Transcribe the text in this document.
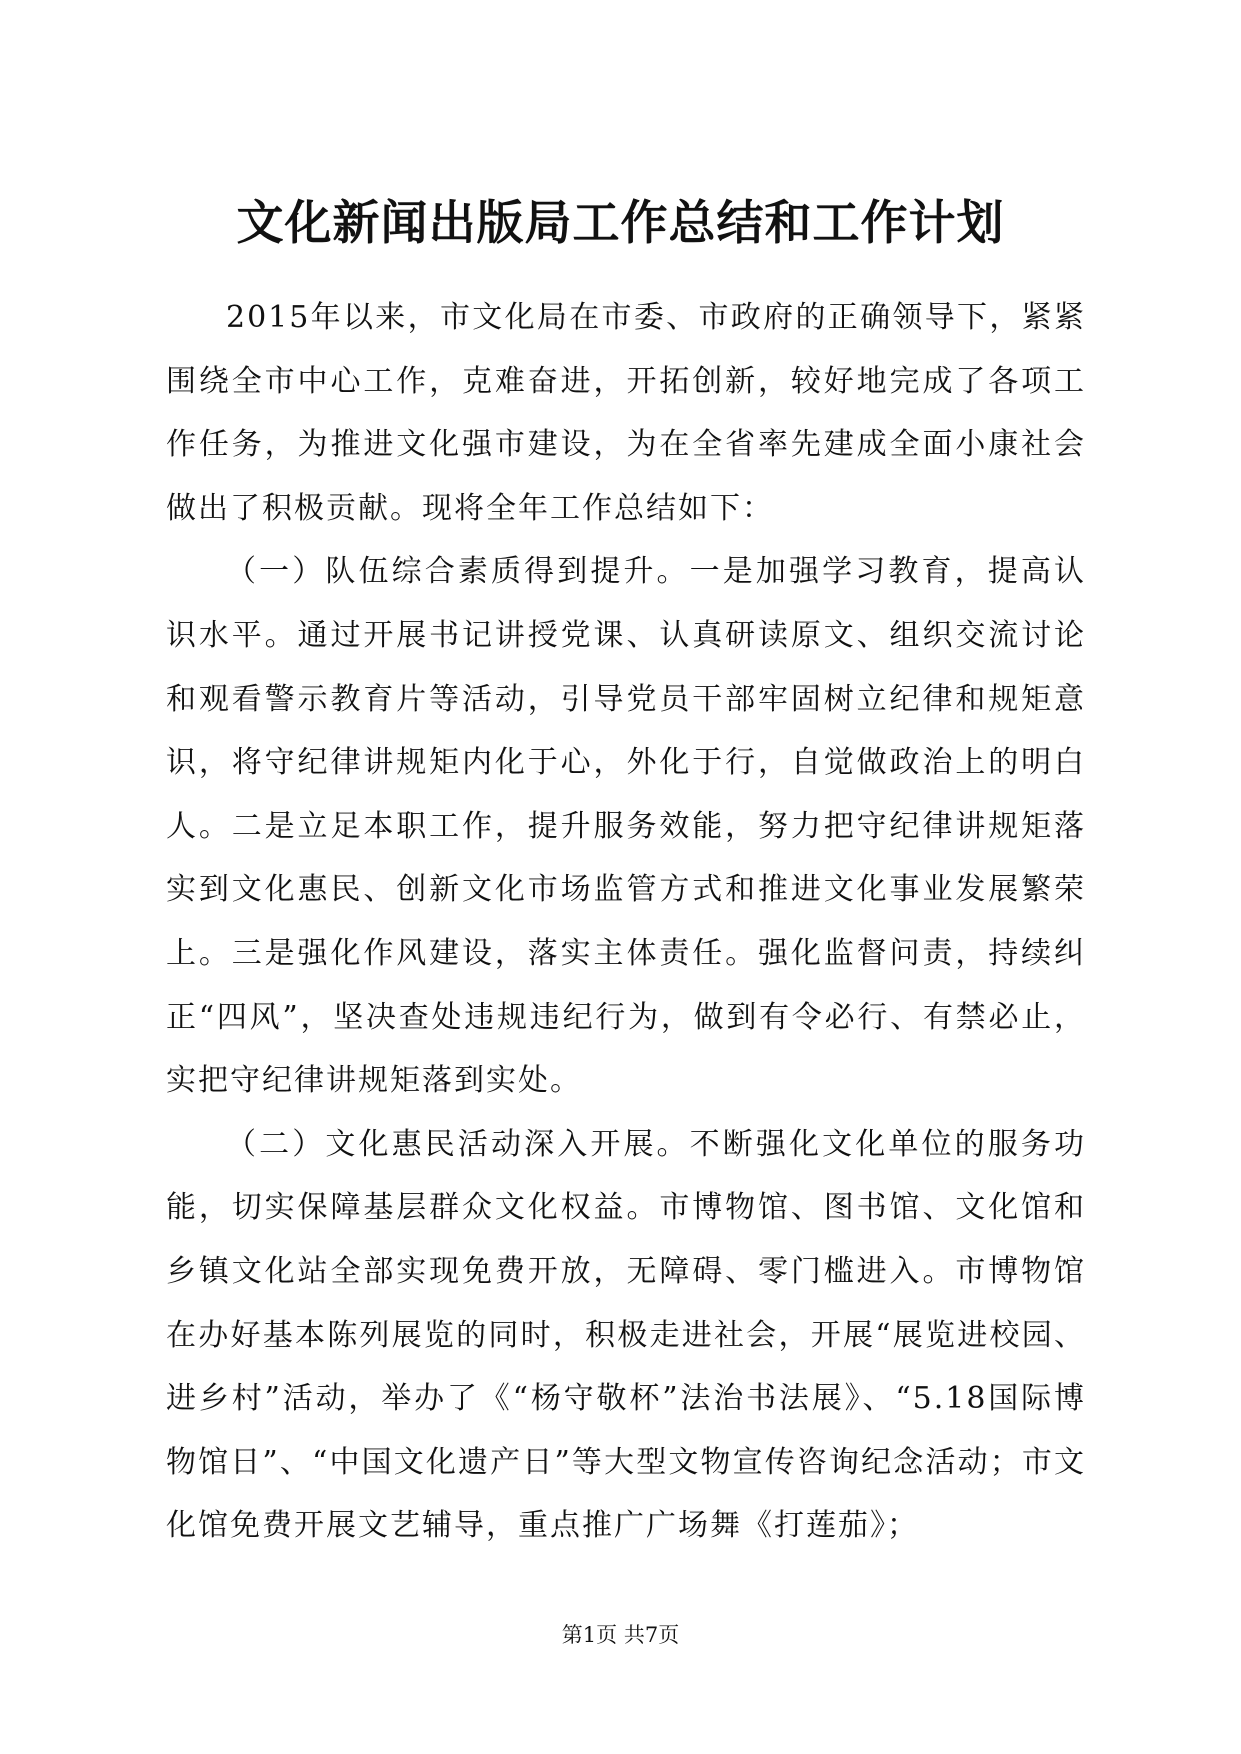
文化新闻出版局工作总结和工作计划

2015年以来，市文化局在市委、市政府的正确领导下，紧紧围绕全市中心工作，克难奋进，开拓创新，较好地完成了各项工作任务，为推进文化强市建设，为在全省率先建成全面小康社会做出了积极贡献。现将全年工作总结如下：

（一）队伍综合素质得到提升。一是加强学习教育，提高认识水平。通过开展书记讲授党课、认真研读原文、组织交流讨论和观看警示教育片等活动，引导党员干部牢固树立纪律和规矩意识，将守纪律讲规矩内化于心，外化于行，自觉做政治上的明白人。二是立足本职工作，提升服务效能，努力把守纪律讲规矩落实到文化惠民、创新文化市场监管方式和推进文化事业发展繁荣上。三是强化作风建设，落实主体责任。强化监督问责，持续纠正“四风”，坚决查处违规违纪行为，做到有令必行、有禁必止，实把守纪律讲规矩落到实处。

（二）文化惠民活动深入开展。不断强化文化单位的服务功能，切实保障基层群众文化权益。市博物馆、图书馆、文化馆和乡镇文化站全部实现免费开放，无障碍、零门槛进入。市博物馆在办好基本陈列展览的同时，积极走进社会，开展“展览进校园、进乡村”活动，举办了《“杨守敬杯”法治书法展》、“5.18国际博物馆日”、“中国文化遗产日”等大型文物宣传咨询纪念活动；市文化馆免费开展文艺辅导，重点推广广场舞《打莲茄》；

第1页 共7页
